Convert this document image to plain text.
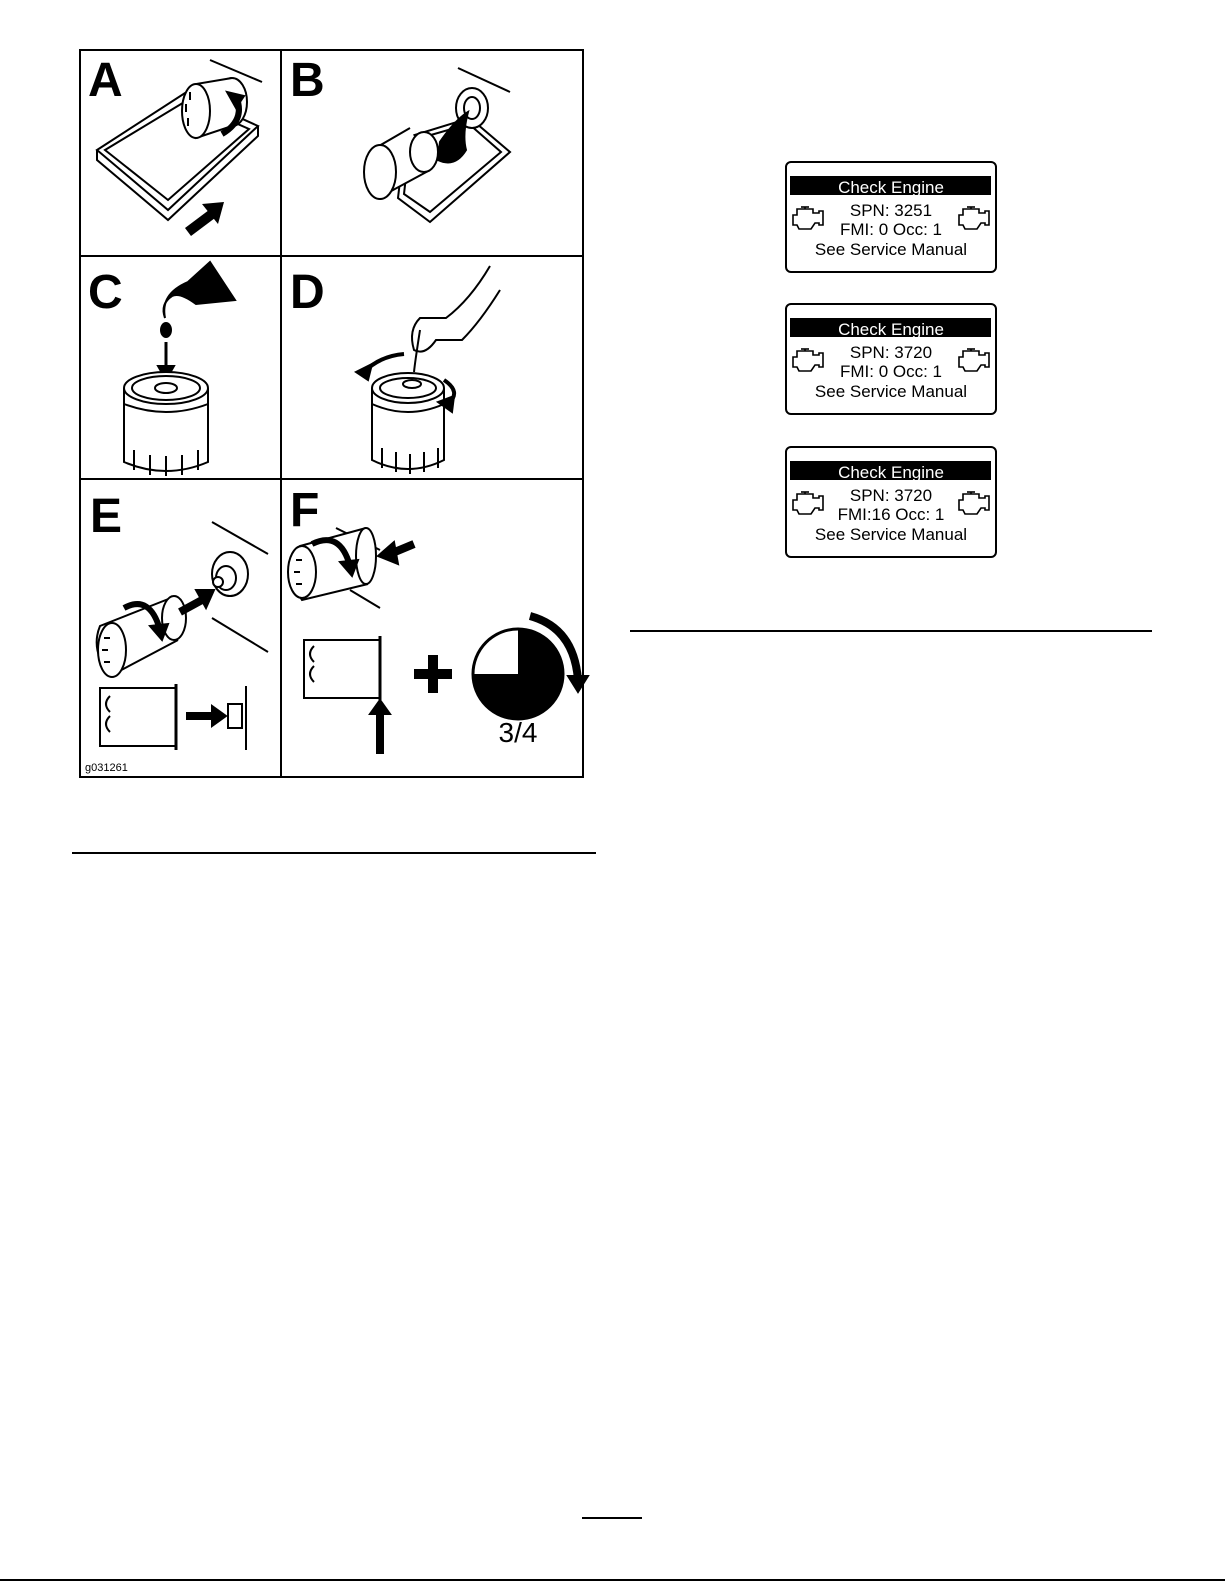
A	B
C	D
E	F
3/4
g031261
Check Engine
SPN: 3251
FMI: 0 Occ: 1
See Service Manual
Check Engine
SPN: 3720
FMI: 0 Occ: 1
See Service Manual
Check Engine
SPN: 3720
FMI:16 Occ: 1
See Service Manual
